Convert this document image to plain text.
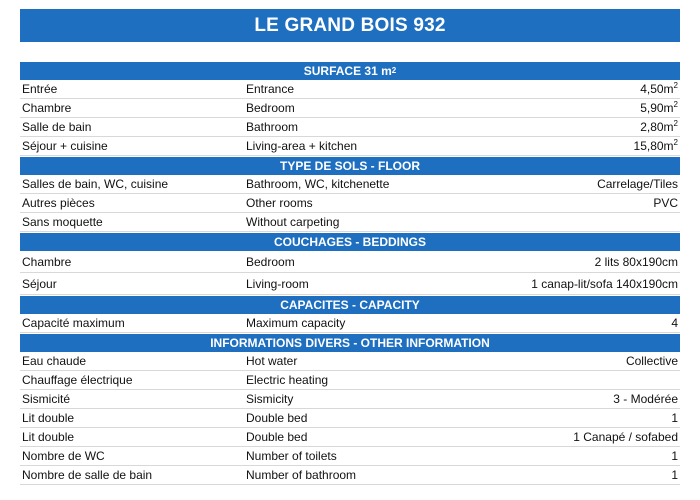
LE GRAND BOIS 932
SURFACE 31 m 2
Entrée	Entrance	$4,50m^2$
Chambre	Bedroom	$5,90m^2$
Salle de bain	Bathroom	$2,80m^2$
Séjour + cuisine	Living-area + kitchen	$15,80m^2$
TYPE DE SOLS - FLOOR
Salles de bain, WC, cuisine	Bathroom, WC, kitchenette	Carrelage/Tiles
Autres pièces	Other rooms	PVC
Sans moquette	Without carpeting
COUCHAGES - BEDDINGS
Chambre	Bedroom	2 lits 80x190cm
Séjour	Living-room	1 canap-lit/sofa 140x190cm
CAPACITES - CAPACITY
Capacité maximum	Maximum capacity	4
INFORMATIONS DIVERS - OTHER INFORMATION
Eau chaude	Hot water	Collective
Chauffage électrique	Electric heating
Sismicité	Sismicity	3 - Modérée
Lit double	Double bed	1
Lit double	Double bed	1 Canapé / sofabed
Nombre de WC	Number of toilets	1
Nombre de salle de bain	Number of bathroom	1
